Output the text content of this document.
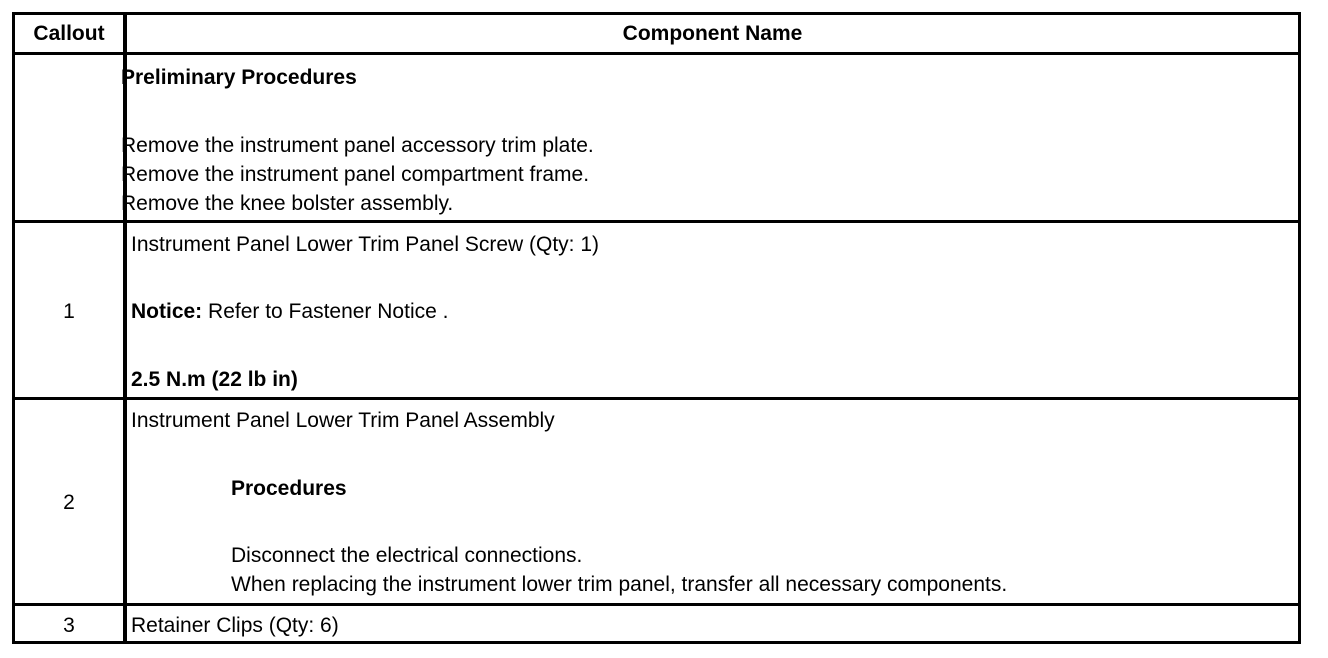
Callout	Component Name
Preliminary Procedures
Remove the instrument panel accessory trim plate.
Remove the instrument panel compartment frame.
Remove the knee bolster assembly.
1
Instrument Panel Lower Trim Panel Screw (Qty: 1)
Notice: Refer to Fastener Notice .
2.5 N.m (22 lb in)
2
Instrument Panel Lower Trim Panel Assembly
Procedures
Disconnect the electrical connections.
When replacing the instrument lower trim panel, transfer all necessary components.
3	Retainer Clips (Qty: 6)
